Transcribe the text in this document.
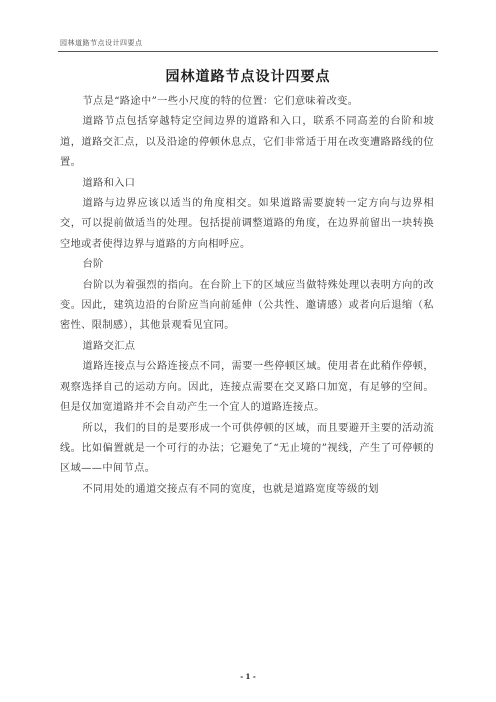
园林道路节点设计四要点
园林道路节点设计四要点

节点是“路途中”一些小尺度的特的位置：它们意味着改变。

道路节点包括穿越特定空间边界的道路和入口，联系不同高差的台阶和坡道，道路交汇点，以及沿途的停顿休息点，它们非常适于用在改变遭路路线的位置。

道路和入口

道路与边界应该以适当的角度相交。如果道路需要旋转一定方向与边界相交，可以提前做适当的处理。包括提前调整道路的角度，在边界前留出一块转换空地或者使得边界与道路的方向相呼应。

台阶

台阶以为着强烈的指向。在台阶上下的区域应当做特殊处理以表明方向的改变。因此，建筑边沿的台阶应当向前延伸（公共性、邀请感）或者向后退缩（私密性、限制感），其他景观看见宜同。

道路交汇点

道路连接点与公路连接点不同，需要一些停顿区域。使用者在此稍作停顿，观察选择自己的运动方向。因此，连接点需要在交叉路口加宽，有足够的空间。但是仅加宽道路并不会自动产生一个宜人的道路连接点。

所以，我们的目的是要形成一个可供停顿的区域，而且要避开主要的活动流线。比如偏置就是一个可行的办法；它避免了“无止境的”视线，产生了可停顿的区域——中间节点。

不同用处的通道交接点有不同的宽度，也就是道路宽度等级的划

- 1 -
